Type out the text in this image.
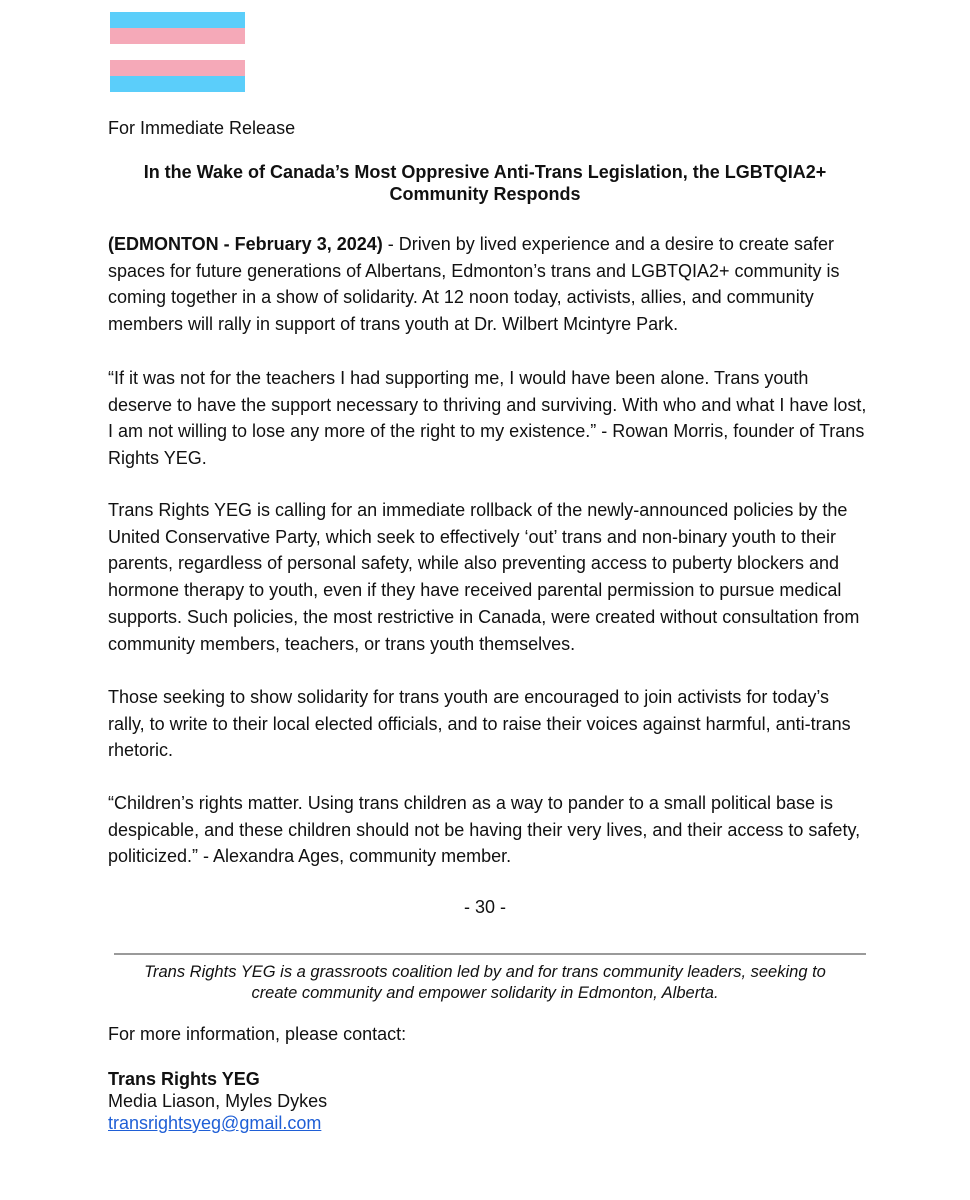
For Immediate Release
In the Wake of Canada’s Most Oppresive Anti-Trans Legislation, the LGBTQIA2+
Community Responds
(EDMONTON - February 3, 2024) - Driven by lived experience and a desire to create safer spaces for future generations of Albertans, Edmonton’s trans and LGBTQIA2+ community is coming together in a show of solidarity. At 12 noon today, activists, allies, and community members will rally in support of trans youth at Dr. Wilbert Mcintyre Park.
“If it was not for the teachers I had supporting me, I would have been alone. Trans youth deserve to have the support necessary to thriving and surviving. With who and what I have lost, I am not willing to lose any more of the right to my existence.” - Rowan Morris, founder of Trans Rights YEG.
Trans Rights YEG is calling for an immediate rollback of the newly-announced policies by the United Conservative Party, which seek to effectively ‘out’ trans and non-binary youth to their parents, regardless of personal safety, while also preventing access to puberty blockers and hormone therapy to youth, even if they have received parental permission to pursue medical supports. Such policies, the most restrictive in Canada, were created without consultation from community members, teachers, or trans youth themselves.
Those seeking to show solidarity for trans youth are encouraged to join activists for today’s rally, to write to their local elected officials, and to raise their voices against harmful, anti-trans rhetoric.
“Children’s rights matter. Using trans children as a way to pander to a small political base is despicable, and these children should not be having their very lives, and their access to safety, politicized.” - Alexandra Ages, community member.
- 30 -
Trans Rights YEG is a grassroots coalition led by and for trans community leaders, seeking to
create community and empower solidarity in Edmonton, Alberta.
For more information, please contact:
Trans Rights YEG
Media Liason, Myles Dykes
transrightsyeg@gmail.com
